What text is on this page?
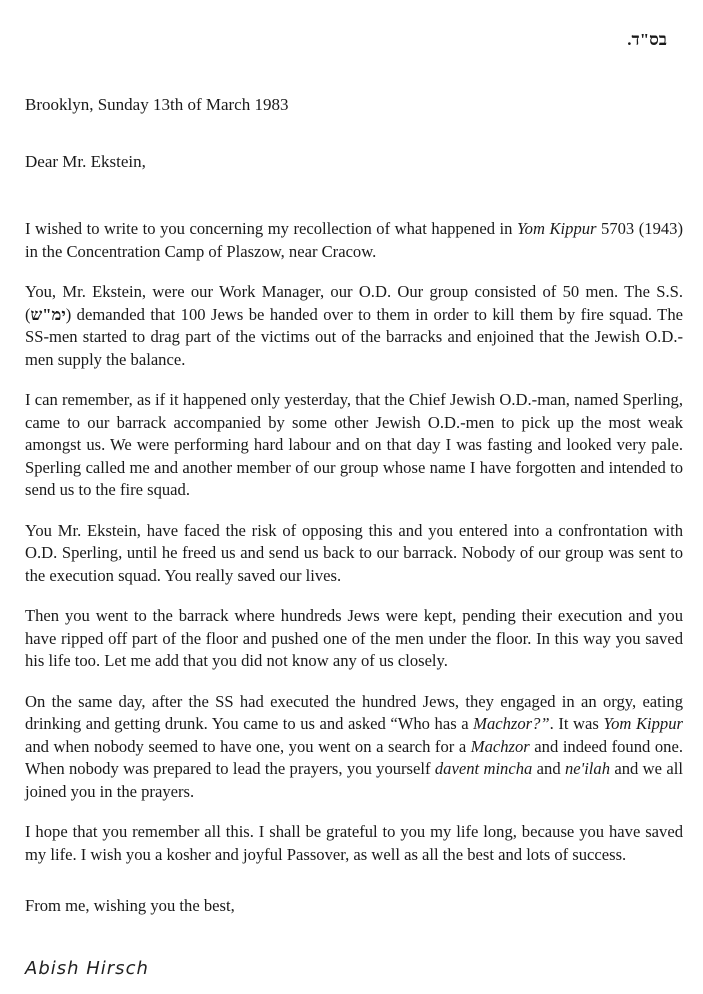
בס"ד.
Brooklyn, Sunday 13th of March 1983
Dear Mr. Ekstein,

I wished to write to you concerning my recollection of what happened in Yom Kippur 5703 (1943) in the Concentration Camp of Plaszow, near Cracow.

You, Mr. Ekstein, were our Work Manager, our O.D. Our group consisted of 50 men. The S.S. (ימ"ש) demanded that 100 Jews be handed over to them in order to kill them by fire squad. The SS-men started to drag part of the victims out of the barracks and enjoined that the Jewish O.D.-men supply the balance.

I can remember, as if it happened only yesterday, that the Chief Jewish O.D.-man, named Sperling, came to our barrack accompanied by some other Jewish O.D.-men to pick up the most weak amongst us. We were performing hard labour and on that day I was fasting and looked very pale. Sperling called me and another member of our group whose name I have forgotten and intended to send us to the fire squad.

You Mr. Ekstein, have faced the risk of opposing this and you entered into a confrontation with O.D. Sperling, until he freed us and send us back to our barrack. Nobody of our group was sent to the execution squad. You really saved our lives.

Then you went to the barrack where hundreds Jews were kept, pending their execution and you have ripped off part of the floor and pushed one of the men under the floor. In this way you saved his life too. Let me add that you did not know any of us closely.

On the same day, after the SS had executed the hundred Jews, they engaged in an orgy, eating drinking and getting drunk. You came to us and asked “Who has a Machzor?”. It was Yom Kippur and when nobody seemed to have one, you went on a search for a Machzor and indeed found one. When nobody was prepared to lead the prayers, you yourself davent mincha and ne'ilah and we all joined you in the prayers.

I hope that you remember all this. I shall be grateful to you my life long, because you have saved my life. I wish you a kosher and joyful Passover, as well as all the best and lots of success.

From me, wishing you the best,
Abish Hirsch
